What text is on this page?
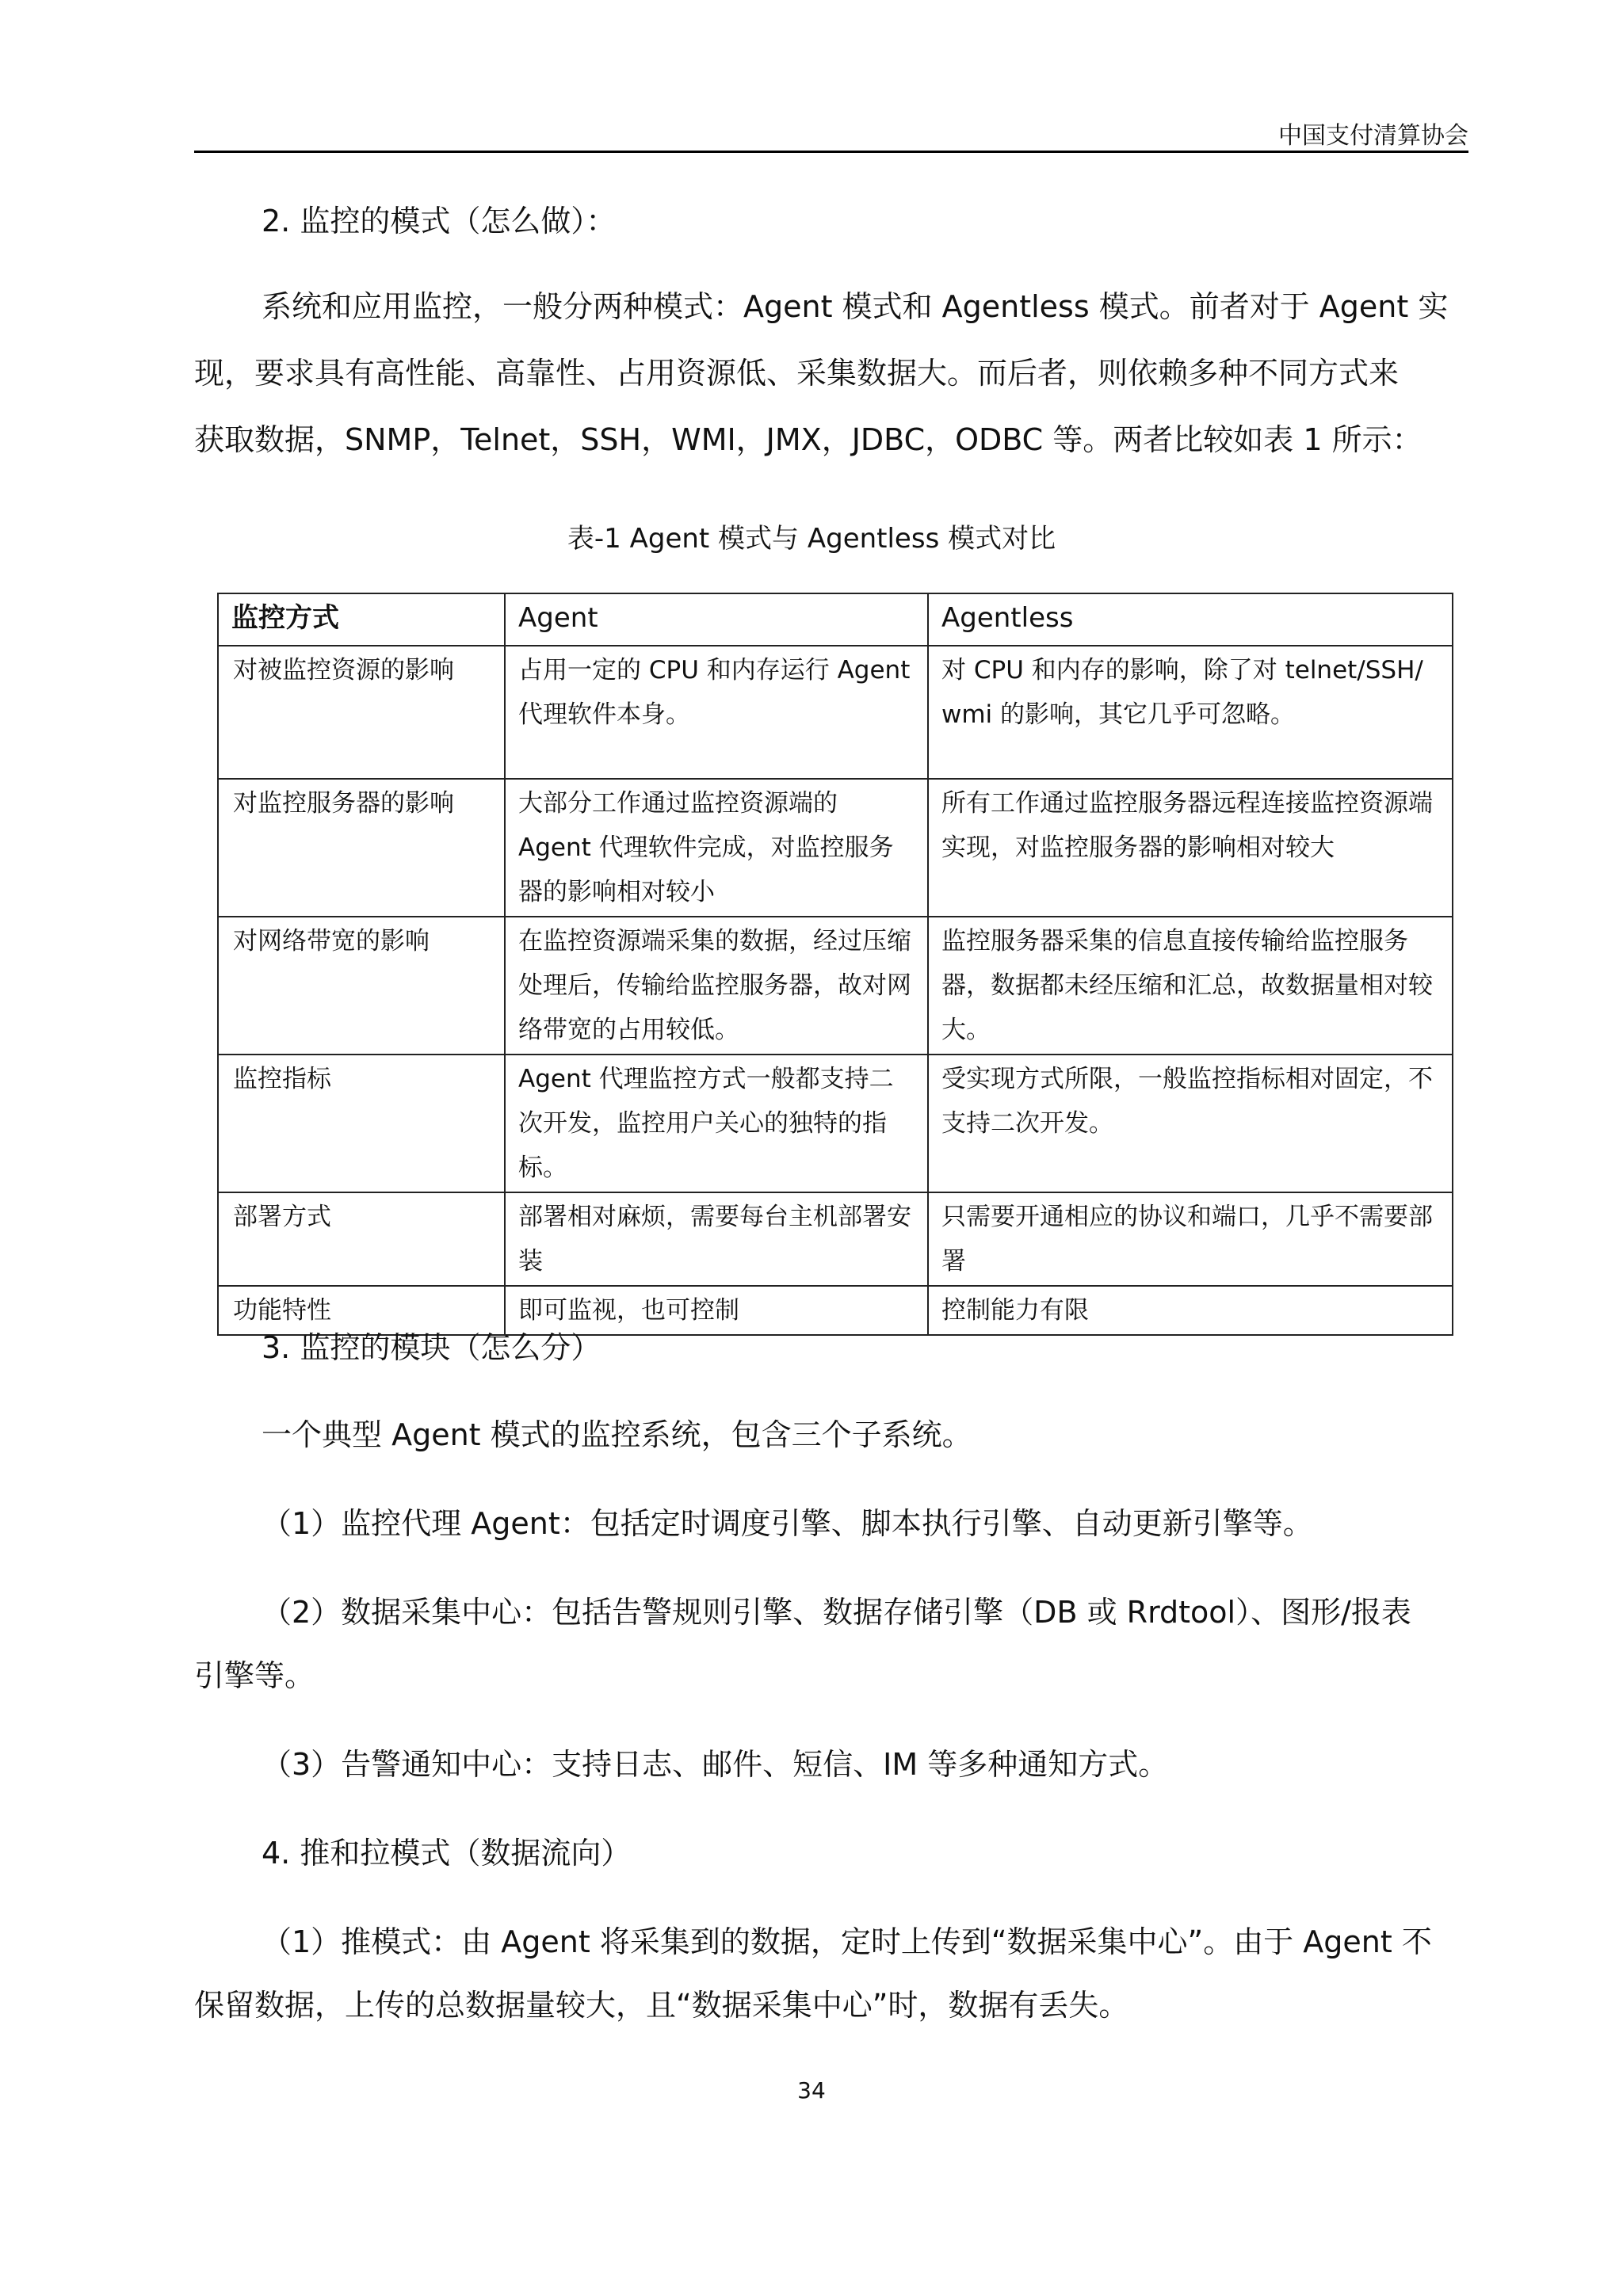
中国支付清算协会
2. 监控的模式（怎么做）：
系统和应用监控，一般分两种模式：Agent 模式和 Agentless 模式。前者对于 Agent 实
现，要求具有高性能、高靠性、占用资源低、采集数据大。而后者，则依赖多种不同方式来
获取数据，SNMP，Telnet，SSH，WMI，JMX，JDBC，ODBC 等。两者比较如表 1 所示：
表-1 Agent 模式与 Agentless 模式对比
监控方式	Agent	Agentless
对被监控资源的影响	占用一定的 CPU 和内存运行 Agent 代理软件本身。	对 CPU 和内存的影响，除了对 telnet/SSH/ wmi 的影响，其它几乎可忽略。
对监控服务器的影响	大部分工作通过监控资源端的 Agent 代理软件完成，对监控服务器的影响相对较小	所有工作通过监控服务器远程连接监控资源端实现，对监控服务器的影响相对较大
对网络带宽的影响	在监控资源端采集的数据，经过压缩处理后，传输给监控服务器，故对网络带宽的占用较低。	监控服务器采集的信息直接传输给监控服务器，数据都未经压缩和汇总，故数据量相对较大。
监控指标	Agent 代理监控方式一般都支持二次开发，监控用户关心的独特的指标。	受实现方式所限，一般监控指标相对固定，不支持二次开发。
部署方式	部署相对麻烦，需要每台主机部署安装	只需要开通相应的协议和端口，几乎不需要部署
功能特性	即可监视，也可控制	控制能力有限
3. 监控的模块（怎么分）
一个典型 Agent 模式的监控系统，包含三个子系统。
（1）监控代理 Agent：包括定时调度引擎、脚本执行引擎、自动更新引擎等。
（2）数据采集中心：包括告警规则引擎、数据存储引擎（DB 或 Rrdtool）、图形/报表
引擎等。
（3）告警通知中心：支持日志、邮件、短信、IM 等多种通知方式。
4. 推和拉模式（数据流向）
（1）推模式：由 Agent 将采集到的数据，定时上传到“数据采集中心”。由于 Agent 不
保留数据，上传的总数据量较大，且“数据采集中心”时，数据有丢失。
34
